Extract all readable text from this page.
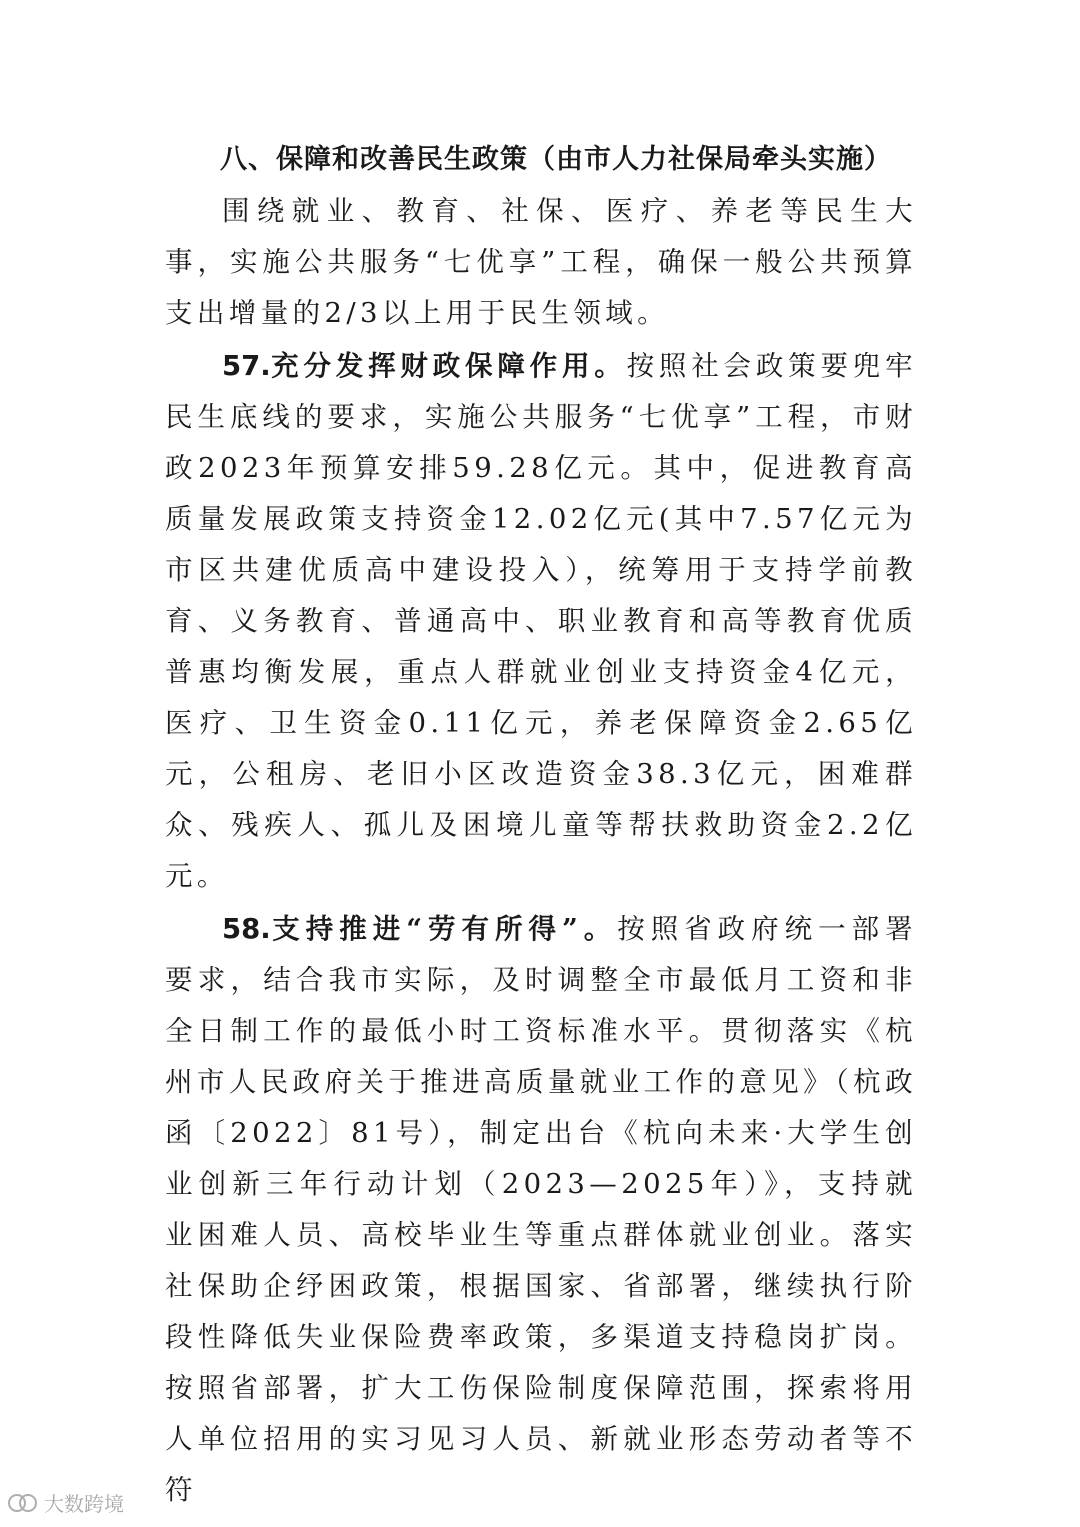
八、保障和改善民生政策（由市人力社保局牵头实施）

围绕就业、教育、社保、医疗、养老等民生大事，实施公共服务“七优享”工程，确保一般公共预算支出增量的2/3以上用于民生领域。

57.充分发挥财政保障作用。按照社会政策要兜牢民生底线的要求，实施公共服务“七优享”工程，市财政2023年预算安排59.28亿元。其中，促进教育高质量发展政策支持资金12.02亿元(其中7.57亿元为市区共建优质高中建设投入），统筹用于支持学前教育、义务教育、普通高中、职业教育和高等教育优质普惠均衡发展，重点人群就业创业支持资金4亿元，医疗、卫生资金0.11亿元，养老保障资金2.65亿元，公租房、老旧小区改造资金38.3亿元，困难群众、残疾人、孤儿及困境儿童等帮扶救助资金2.2亿元。

58.支持推进“劳有所得”。按照省政府统一部署要求，结合我市实际，及时调整全市最低月工资和非全日制工作的最低小时工资标准水平。贯彻落实《杭州市人民政府关于推进高质量就业工作的意见》（杭政函〔2022〕81号），制定出台《杭向未来·大学生创业创新三年行动计划（2023—2025年）》，支持就业困难人员、高校毕业生等重点群体就业创业。落实社保助企纾困政策，根据国家、省部署，继续执行阶段性降低失业保险费率政策，多渠道支持稳岗扩岗。按照省部署，扩大工伤保险制度保障范围，探索将用人单位招用的实习见习人员、新就业形态劳动者等不符

大数跨境
